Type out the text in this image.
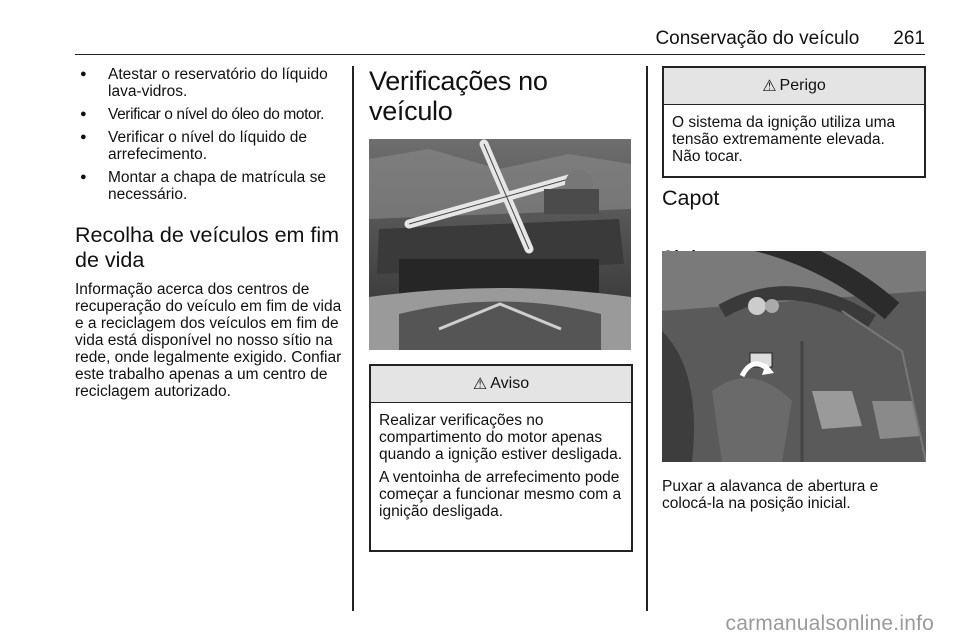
Conservação do veículo 261
● Atestar o reservatório do líquido lava-vidros.
● Verificar o nível do óleo do motor.
● Verificar o nível do líquido de arrefecimento.
● Montar a chapa de matrícula se necessário.
Recolha de veículos em fim de vida

Informação acerca dos centros de recuperação do veículo em fim de vida e a reciclagem dos veículos em fim de vida está disponível no nosso sítio na rede, onde legalmente exigido. Confiar este trabalho apenas a um centro de reciclagem autorizado.

Verificações no veículo
⚠ Aviso

Realizar verificações no compartimento do motor apenas quando a ignição estiver desligada.

A ventoinha de arrefecimento pode começar a funcionar mesmo com a ignição desligada.

⚠ Perigo

O sistema da ignição utiliza uma tensão extremamente elevada. Não tocar.

Capot

Puxar a alavanca de abertura e colocá-la na posição inicial.

carmanualsonline.info
